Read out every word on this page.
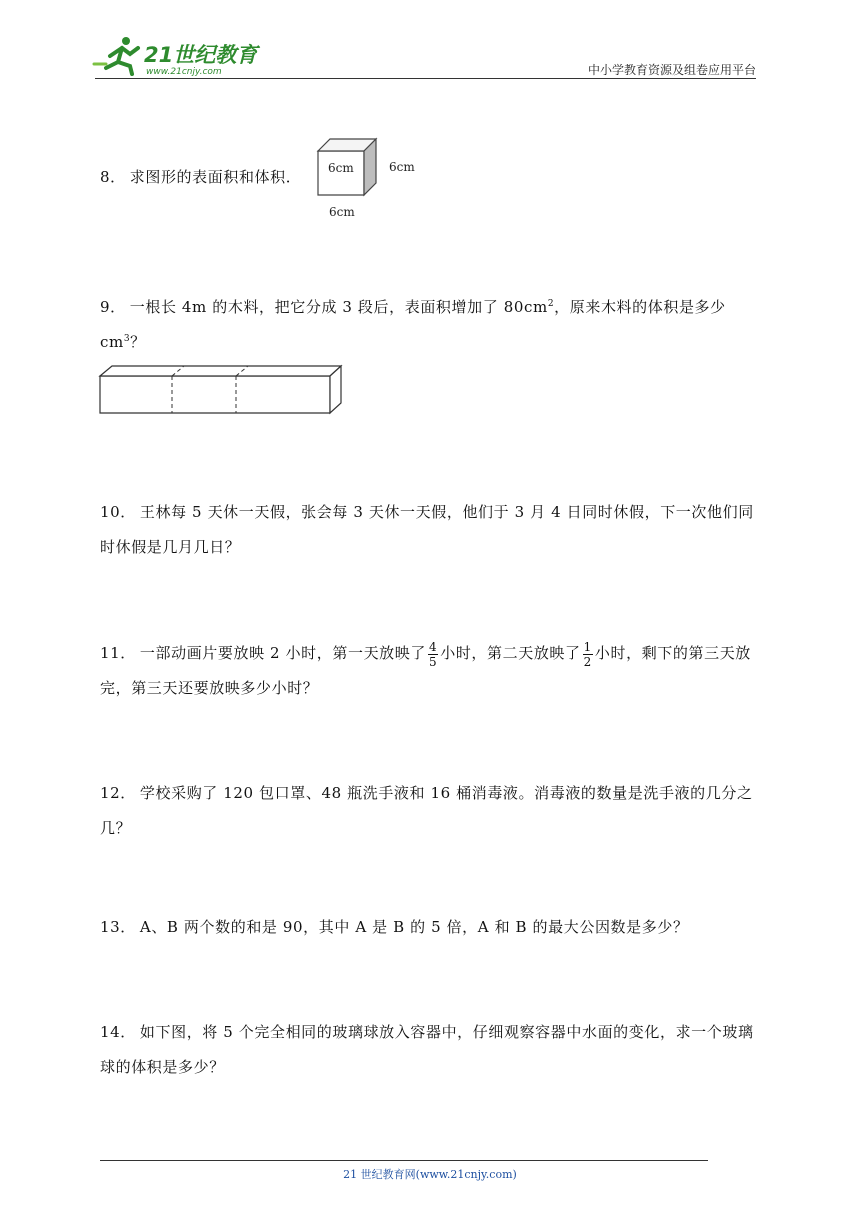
21世纪教育
www.21cnjy.com	中小学教育资源及组卷应用平台
8． 求图形的表面积和体积．	6cm	6cm
6cm
9． 一根长 4m 的木料，把它分成 3 段后，表面积增加了 $80cm^2$，原来木料的体积是多少 $cm^3$？
10． 王林每 5 天休一天假，张会每 3 天休一天假，他们于 3 月 4 日同时休假，下一次他们同时休假是几月几日？
11． 一部动画片要放映 2 小时，第一天放映了 $\frac{4}{5}$ 小时，第二天放映了 $\frac{1}{2}$ 小时，剩下的第三天放完，第三天还要放映多少小时？
12． 学校采购了 120 包口罩、48 瓶洗手液和 16 桶消毒液。消毒液的数量是洗手液的几分之几？
13． A、B 两个数的和是 90，其中 A 是 B 的 5 倍，A 和 B 的最大公因数是多少？
14． 如下图，将 5 个完全相同的玻璃球放入容器中，仔细观察容器中水面的变化，求一个玻璃球的体积是多少？
21 世纪教育网(www.21cnjy.com)
